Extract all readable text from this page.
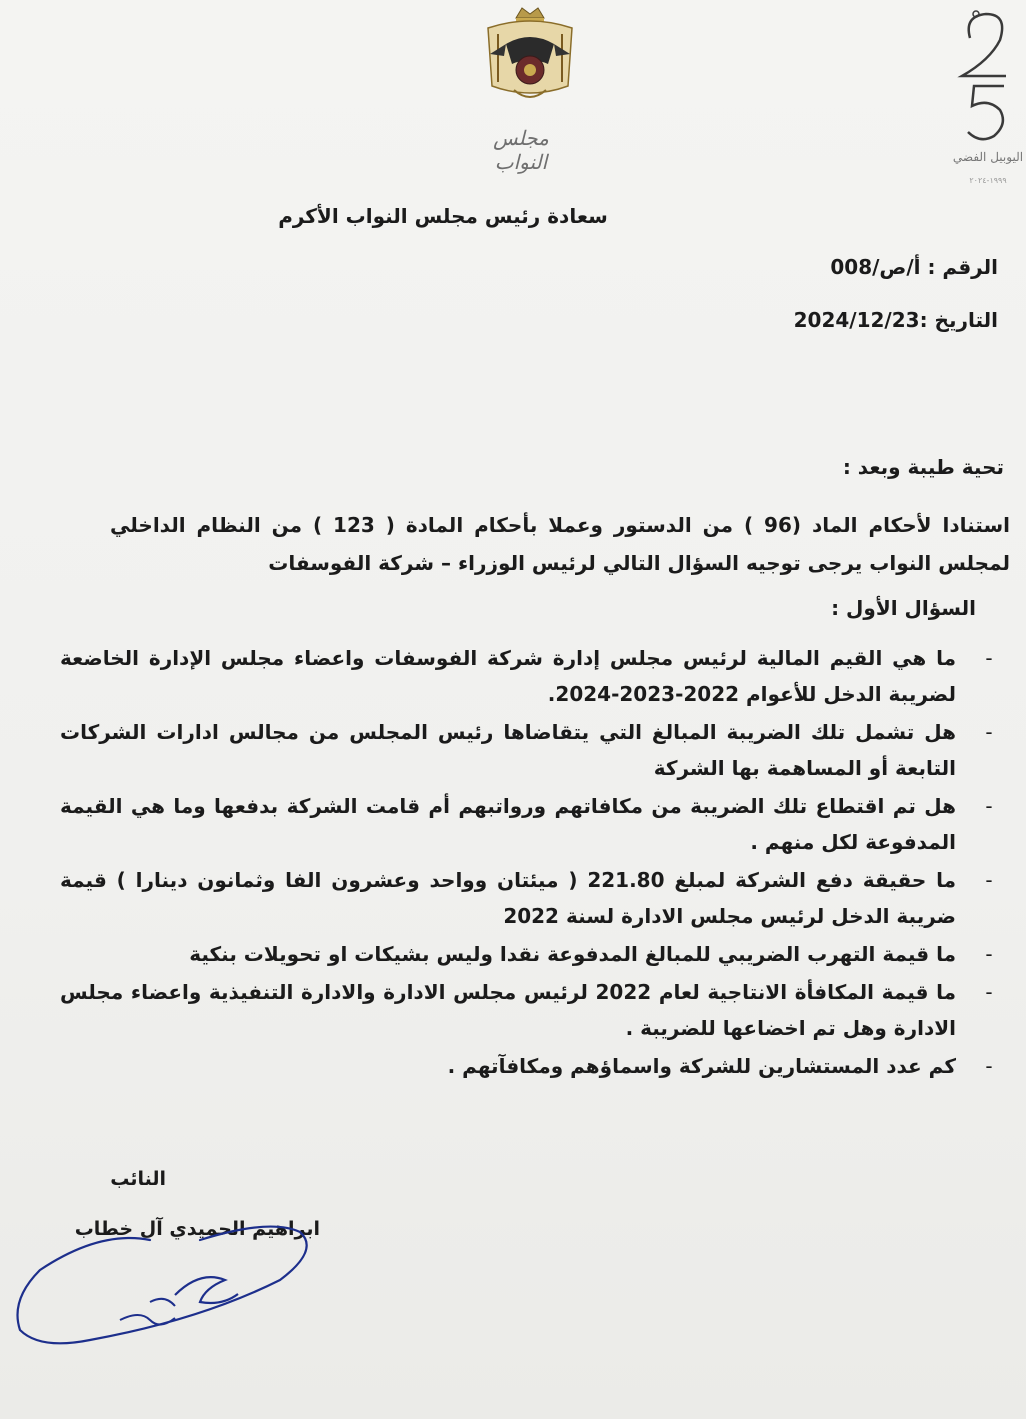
مجلس النواب	اليوبيل الفضي
١٩٩٩-٢٠٢٤
سعادة رئيس مجلس النواب الأكرم
الرقم : أ/ص/008
التاريخ :2024/12/23
تحية طيبة وبعد :
استنادا لأحكام الماد (96 ) من الدستور وعملا بأحكام المادة ( 123 ) من النظام الداخلي لمجلس النواب يرجى توجيه السؤال التالي لرئيس الوزراء – شركة الفوسفات
السؤال الأول :
-
ما هي القيم المالية لرئيس مجلس إدارة شركة الفوسفات واعضاء مجلس الإدارة الخاضعة لضريبة الدخل للأعوام 2022-2023-2024.
-
هل تشمل تلك الضريبة المبالغ التي يتقاضاها رئيس المجلس من مجالس ادارات الشركات التابعة أو المساهمة بها الشركة
-
هل تم اقتطاع تلك الضريبة من مكافاتهم ورواتبهم أم قامت الشركة بدفعها وما هي القيمة المدفوعة لكل منهم .
-
ما حقيقة دفع الشركة لمبلغ 221.80 ( ميئتان وواحد وعشرون الفا وثمانون دينارا ) قيمة ضريبة الدخل لرئيس مجلس الادارة لسنة 2022
-
ما قيمة التهرب الضريبي للمبالغ المدفوعة نقدا وليس بشيكات او تحويلات بنكية
-
ما قيمة المكافأة الانتاجية لعام 2022 لرئيس مجلس الادارة والادارة التنفيذية واعضاء مجلس الادارة وهل تم اخضاعها للضريبة .
-
كم عدد المستشارين للشركة واسماؤهم ومكافآتهم .
النائب
ابراهيم الحميدي آل خطاب
